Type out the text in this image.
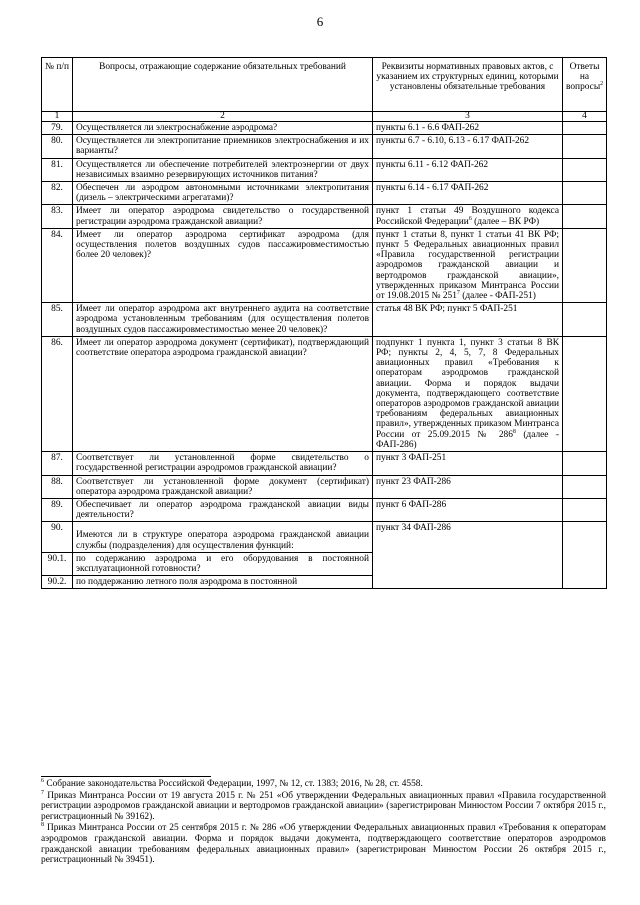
6
№ п/п	Вопросы, отражающие содержание обязательных требований	Реквизиты нормативных правовых актов, с указанием их структурных единиц, которыми установлены обязательные требования	Ответы на вопросы$^2$
1	2	3	4
79.	Осуществляется ли электроснабжение аэродрома?	пункты 6.1 - 6.6 ФАП-262	
80.	Осуществляется ли электропитание приемников электроснабжения и их варианты?	пункты 6.7 - 6.10, 6.13 - 6.17 ФАП-262	
81.	Осуществляется ли обеспечение потребителей электроэнергии от двух независимых взаимно резервирующих источников питания?	пункты 6.11 - 6.12 ФАП-262	
82.	Обеспечен ли аэродром автономными источниками электропитания (дизель – электрическими агрегатами)?	пункты 6.14 - 6.17 ФАП-262	
83.	Имеет ли оператор аэродрома свидетельство о государственной регистрации аэродрома гражданской авиации?	пункт 1 статьи 49 Воздушного кодекса Российской Федерации$^6$ (далее – ВК РФ)	
84.	Имеет ли оператор аэродрома сертификат аэродрома (для осуществления полетов воздушных судов пассажировместимостью более 20 человек)?	пункт 1 статьи 8, пункт 1 статьи 41 ВК РФ; пункт 5 Федеральных авиационных правил «Правила государственной регистрации аэродромов гражданской авиации и вертодромов гражданской авиации», утвержденных приказом Минтранса России от 19.08.2015 № $251^7$ (далее - ФАП-251)	
85.	Имеет ли оператор аэродрома акт внутреннего аудита на соответствие аэродрома установленным требованиям (для осуществления полетов воздушных судов пассажировместимостью менее 20 человек)?	статья 48 ВК РФ; пункт 5 ФАП-251	
86.	Имеет ли оператор аэродрома документ (сертификат), подтверждающий соответствие оператора аэродрома гражданской авиации?	подпункт 1 пункта 1, пункт 3 статьи 8 ВК РФ; пункты 2, 4, 5, 7, 8 Федеральных авиационных правил «Требования к операторам аэродромов гражданской авиации. Форма и порядок выдачи документа, подтверждающего соответствие операторов аэродромов гражданской авиации требованиям федеральных авиационных правил», утвержденных приказом Минтранса России от 25.09.2015 № $286^8$ (далее - ФАП-286)	
87.	Соответствует ли установленной форме свидетельство о государственной регистрации аэродромов гражданской авиации?	пункт 3 ФАП-251	
88.	Соответствует ли установленной форме документ (сертификат) оператора аэродрома гражданской авиации?	пункт 23 ФАП-286	
89.	Обеспечивает ли оператор аэродрома гражданской авиации виды деятельности?	пункт 6 ФАП-286	
90.	Имеются ли в структуре оператора аэродрома гражданской авиации службы (подразделения) для осуществления функций:	пункт 34 ФАП-286	
90.1.	по содержанию аэродрома и его оборудования в постоянной эксплуатационной готовности?		
90.2.	по поддержанию летного поля аэродрома в постоянной		

$^6$ Собрание законодательства Российской Федерации, 1997, № 12, ст. 1383; 2016, № 28, ст. 4558.

$^7$ Приказ Минтранса России от 19 августа 2015 г. № 251 «Об утверждении Федеральных авиационных правил «Правила государственной регистрации аэродромов гражданской авиации и вертодромов гражданской авиации» (зарегистрирован Минюстом России 7 октября 2015 г., регистрационный № 39162).

$^8$ Приказ Минтранса России от 25 сентября 2015 г. № 286 «Об утверждении Федеральных авиационных правил «Требования к операторам аэродромов гражданской авиации. Форма и порядок выдачи документа, подтверждающего соответствие операторов аэродромов гражданской авиации требованиям федеральных авиационных правил» (зарегистрирован Минюстом России 26 октября 2015 г., регистрационный № 39451).
